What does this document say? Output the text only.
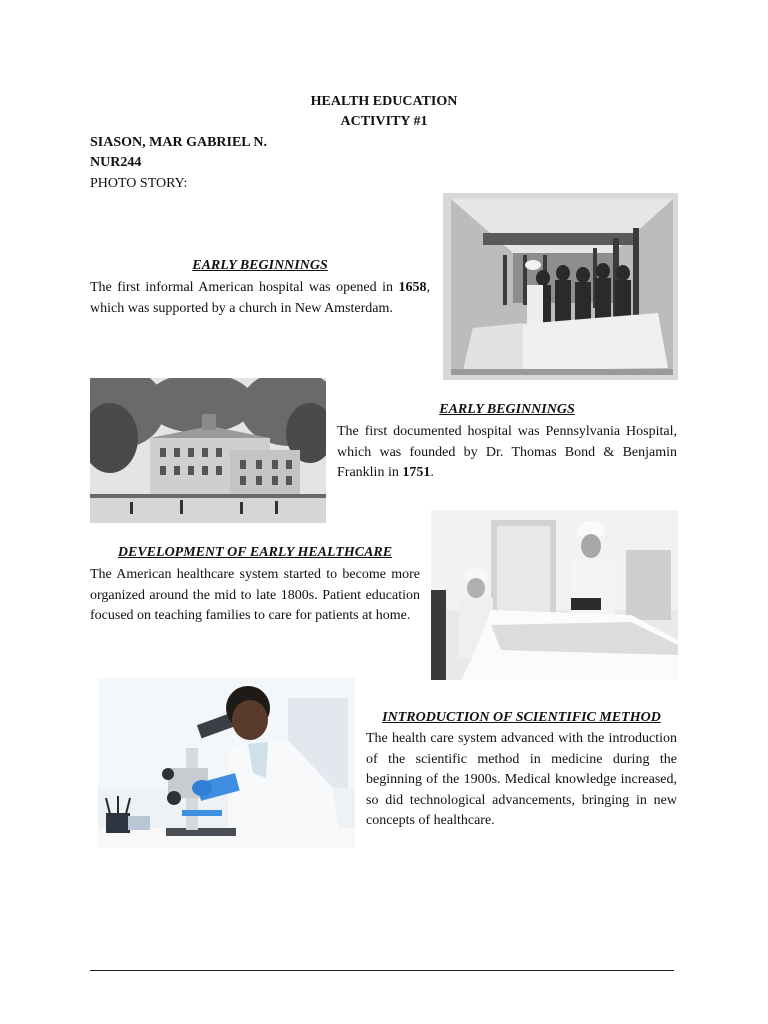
HEALTH EDUCATION
ACTIVITY #1
SIASON, MAR GABRIEL N.
NUR244
PHOTO STORY:
EARLY BEGINNINGS
The first informal American hospital was opened in 1658, which was supported by a church in New Amsterdam.
EARLY BEGINNINGS
The first documented hospital was Pennsylvania Hospital, which was founded by Dr. Thomas Bond & Benjamin Franklin in 1751.
DEVELOPMENT OF EARLY HEALTHCARE
The American healthcare system started to become more organized around the mid to late 1800s. Patient education focused on teaching families to care for patients at home.
INTRODUCTION OF SCIENTIFIC METHOD
The health care system advanced with the introduction of the scientific method in medicine during the beginning of the 1900s. Medical knowledge increased, so did technological advancements, bringing in new concepts of healthcare.
